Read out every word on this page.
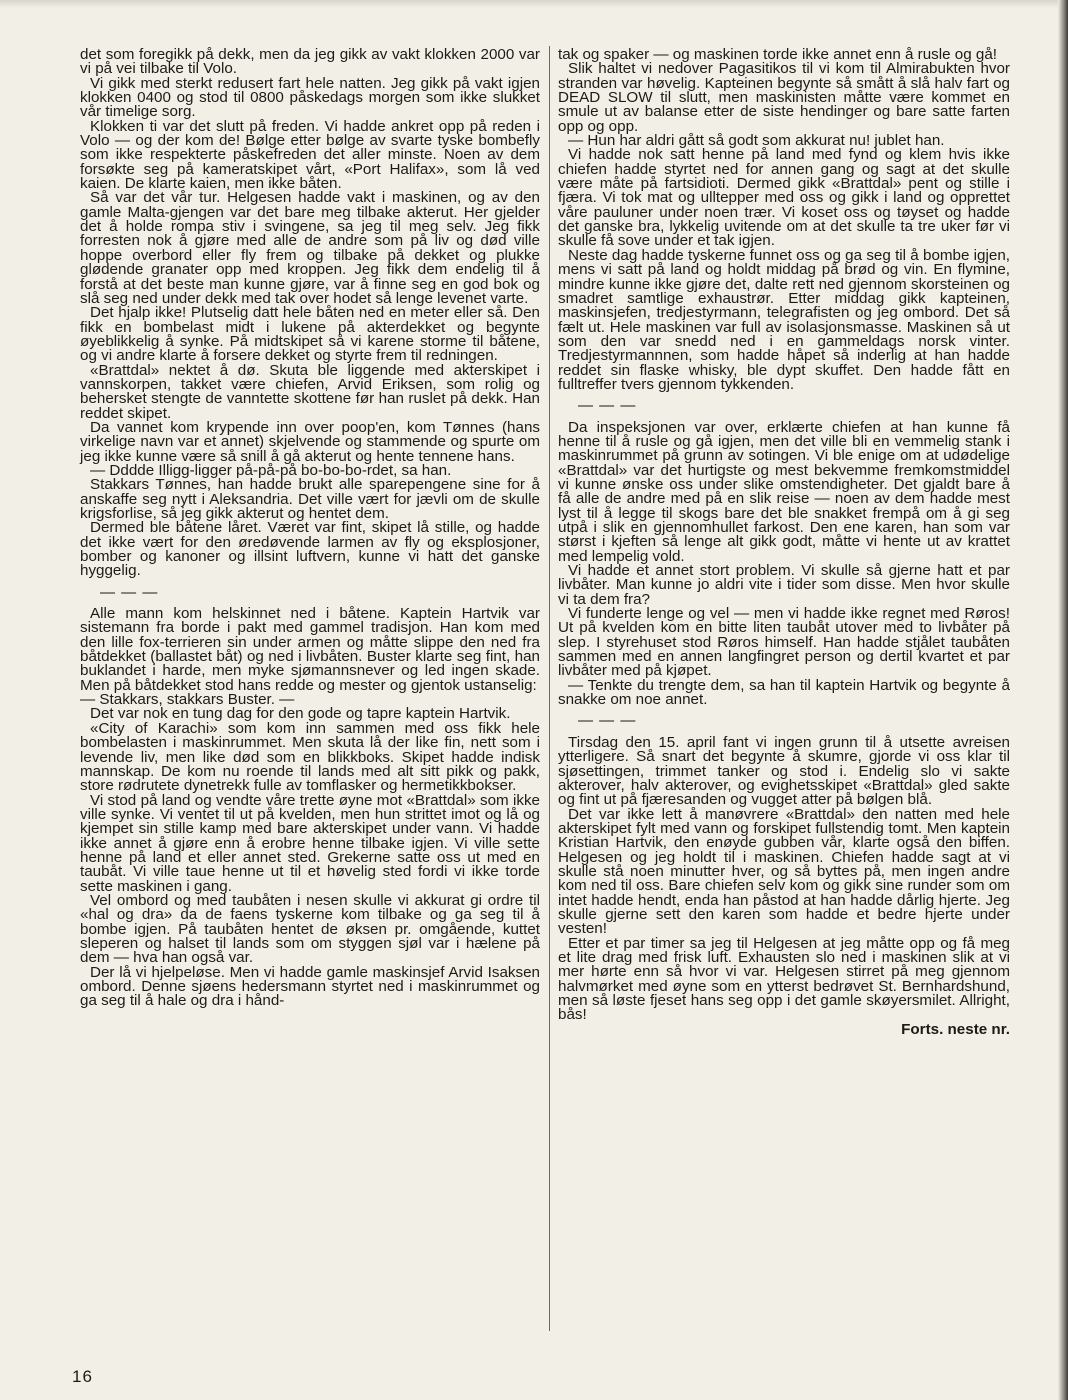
det som foregikk på dekk, men da jeg gikk av vakt klokken 2000 var vi på vei tilbake til Volo.

Vi gikk med sterkt redusert fart hele natten. Jeg gikk på vakt igjen klokken 0400 og stod til 0800 påskedags morgen som ikke slukket vår timelige sorg.

Klokken ti var det slutt på freden. Vi hadde ankret opp på reden i Volo — og der kom de! Bølge etter bølge av svarte tyske bombefly som ikke respekterte påskefreden det aller minste. Noen av dem forsøkte seg på kameratskipet vårt, «Port Halifax», som lå ved kaien. De klarte kaien, men ikke båten.

Så var det vår tur. Helgesen hadde vakt i maskinen, og av den gamle Malta-gjengen var det bare meg tilbake akterut. Her gjelder det å holde rompa stiv i svingene, sa jeg til meg selv. Jeg fikk forresten nok å gjøre med alle de andre som på liv og død ville hoppe overbord eller fly frem og tilbake på dekket og plukke glødende granater opp med kroppen. Jeg fikk dem endelig til å forstå at det beste man kunne gjøre, var å finne seg en god bok og slå seg ned under dekk med tak over hodet så lenge levenet varte.

Det hjalp ikke! Plutselig datt hele båten ned en meter eller så. Den fikk en bombelast midt i lukene på akterdekket og begynte øyeblikkelig å synke. På midtskipet så vi karene storme til båtene, og vi andre klarte å forsere dekket og styrte frem til redningen.

«Brattdal» nektet å dø. Skuta ble liggende med akterskipet i vannskorpen, takket være chiefen, Arvid Eriksen, som rolig og behersket stengte de vanntette skottene før han ruslet på dekk. Han reddet skipet.

Da vannet kom krypende inn over poop'en, kom Tønnes (hans virkelige navn var et annet) skjelvende og stammende og spurte om jeg ikke kunne være så snill å gå akterut og hente tennene hans.

— Dddde Illigg-ligger på-på-på bo-bo-bo-rdet, sa han.

Stakkars Tønnes, han hadde brukt alle sparepengene sine for å anskaffe seg nytt i Aleksandria. Det ville vært for jævli om de skulle krigsforlise, så jeg gikk akterut og hentet dem.

Dermed ble båtene låret. Været var fint, skipet lå stille, og hadde det ikke vært for den øredøvende larmen av fly og eksplosjoner, bomber og kanoner og illsint luftvern, kunne vi hatt det ganske hyggelig.

— — —

Alle mann kom helskinnet ned i båtene. Kaptein Hartvik var sistemann fra borde i pakt med gammel tradisjon. Han kom med den lille fox-terrieren sin under armen og måtte slippe den ned fra båtdekket (ballastet båt) og ned i livbåten. Buster klarte seg fint, han buklandet i harde, men myke sjømannsnever og led ingen skade. Men på båtdekket stod hans redde og mester og gjentok ustanselig:

— Stakkars, stakkars Buster. —

Det var nok en tung dag for den gode og tapre kaptein Hartvik.

«City of Karachi» som kom inn sammen med oss fikk hele bombelasten i maskinrummet. Men skuta lå der like fin, nett som i levende liv, men like død som en blikkboks. Skipet hadde indisk mannskap. De kom nu roende til lands med alt sitt pikk og pakk, store rødrutete dynetrekk fulle av tomflasker og hermetikkbokser.

Vi stod på land og vendte våre trette øyne mot «Brattdal» som ikke ville synke. Vi ventet til ut på kvelden, men hun strittet imot og lå og kjempet sin stille kamp med bare akterskipet under vann. Vi hadde ikke annet å gjøre enn å erobre henne tilbake igjen. Vi ville sette henne på land et eller annet sted. Grekerne satte oss ut med en taubåt. Vi ville taue henne ut til et høvelig sted fordi vi ikke torde sette maskinen i gang.

Vel ombord og med taubåten i nesen skulle vi akkurat gi ordre til «hal og dra» da de faens tyskerne kom tilbake og ga seg til å bombe igjen. På taubåten hentet de øksen pr. omgående, kuttet sleperen og halset til lands som om styggen sjøl var i hælene på dem — hva han også var.

Der lå vi hjelpeløse. Men vi hadde gamle maskinsjef Arvid Isaksen ombord. Denne sjøens hedersmann styrtet ned i maskinrummet og ga seg til å hale og dra i hånd-

tak og spaker — og maskinen torde ikke annet enn å rusle og gå!

Slik haltet vi nedover Pagasitikos til vi kom til Almirabukten hvor stranden var høvelig. Kapteinen begynte så smått å slå halv fart og DEAD SLOW til slutt, men maskinisten måtte være kommet en smule ut av balanse etter de siste hendinger og bare satte farten opp og opp.

— Hun har aldri gått så godt som akkurat nu! jublet han.

Vi hadde nok satt henne på land med fynd og klem hvis ikke chiefen hadde styrtet ned for annen gang og sagt at det skulle være måte på fartsidioti. Dermed gikk «Brattdal» pent og stille i fjæra. Vi tok mat og ulltepper med oss og gikk i land og opprettet våre pauluner under noen trær. Vi koset oss og tøyset og hadde det ganske bra, lykkelig uvitende om at det skulle ta tre uker før vi skulle få sove under et tak igjen.

Neste dag hadde tyskerne funnet oss og ga seg til å bombe igjen, mens vi satt på land og holdt middag på brød og vin. En flymine, mindre kunne ikke gjøre det, dalte rett ned gjennom skorsteinen og smadret samtlige exhaustrør. Etter middag gikk kapteinen, maskinsjefen, tredjestyrmann, telegrafisten og jeg ombord. Det så fælt ut. Hele maskinen var full av isolasjonsmasse. Maskinen så ut som den var snedd ned i en gammeldags norsk vinter. Tredjestyrmannnen, som hadde håpet så inderlig at han hadde reddet sin flaske whisky, ble dypt skuffet. Den hadde fått en fulltreffer tvers gjennom tykkenden.

— — —

Da inspeksjonen var over, erklærte chiefen at han kunne få henne til å rusle og gå igjen, men det ville bli en vemmelig stank i maskinrummet på grunn av sotingen. Vi ble enige om at udødelige «Brattdal» var det hurtigste og mest bekvemme fremkomstmiddel vi kunne ønske oss under slike omstendigheter. Det gjaldt bare å få alle de andre med på en slik reise — noen av dem hadde mest lyst til å legge til skogs bare det ble snakket frempå om å gi seg utpå i slik en gjennomhullet farkost. Den ene karen, han som var størst i kjeften så lenge alt gikk godt, måtte vi hente ut av krattet med lempelig vold.

Vi hadde et annet stort problem. Vi skulle så gjerne hatt et par livbåter. Man kunne jo aldri vite i tider som disse. Men hvor skulle vi ta dem fra?

Vi funderte lenge og vel — men vi hadde ikke regnet med Røros! Ut på kvelden kom en bitte liten taubåt utover med to livbåter på slep. I styrehuset stod Røros himself. Han hadde stjålet taubåten sammen med en annen langfingret person og dertil kvartet et par livbåter med på kjøpet.

— Tenkte du trengte dem, sa han til kaptein Hartvik og begynte å snakke om noe annet.

— — —

Tirsdag den 15. april fant vi ingen grunn til å utsette avreisen ytterligere. Så snart det begynte å skumre, gjorde vi oss klar til sjøsettingen, trimmet tanker og stod i. Endelig slo vi sakte akterover, halv akterover, og evighetsskipet «Brattdal» gled sakte og fint ut på fjæresanden og vugget atter på bølgen blå.

Det var ikke lett å manøvrere «Brattdal» den natten med hele akterskipet fylt med vann og forskipet fullstendig tomt. Men kaptein Kristian Hartvik, den enøyde gubben vår, klarte også den biffen. Helgesen og jeg holdt til i maskinen. Chiefen hadde sagt at vi skulle stå noen minutter hver, og så byttes på, men ingen andre kom ned til oss. Bare chiefen selv kom og gikk sine runder som om intet hadde hendt, enda han påstod at han hadde dårlig hjerte. Jeg skulle gjerne sett den karen som hadde et bedre hjerte under vesten!

Etter et par timer sa jeg til Helgesen at jeg måtte opp og få meg et lite drag med frisk luft. Exhausten slo ned i maskinen slik at vi mer hørte enn så hvor vi var. Helgesen stirret på meg gjennom halvmørket med øyne som en ytterst bedrøvet St. Bernhardshund, men så løste fjeset hans seg opp i det gamle skøyersmilet. Allright, bås!

Forts. neste nr.

16
